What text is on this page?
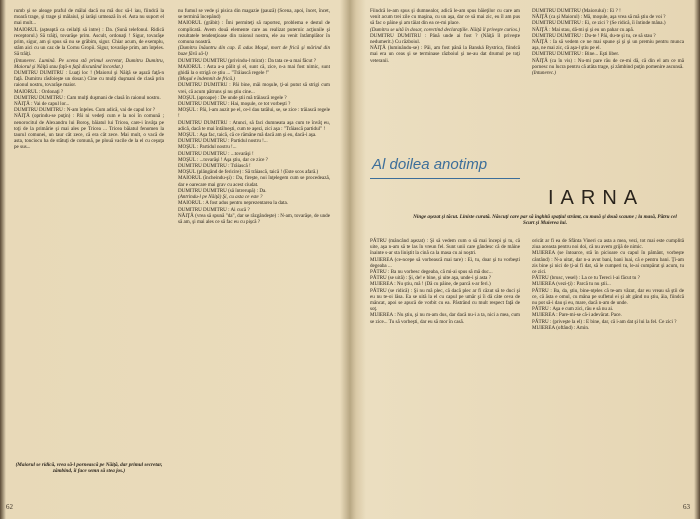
rumb şi se aleage praful de mălai dacă nu mă duc să-l iau, fiindcă la moară trage, şi trage şi mălaiul, şi iarăşi urmează în el. Asta nu suport el mai mult...

MAIORUL (aşteaptă ca ceilalţi să intre) : Da. (Sună telefonul. Ridică receptorul.) Să trăiţi, tovarăşe prim. Ascult, ordonaţi ! Sigur, tovarăşe prim, sigur, am şi spus să nu se grăbim, sigur. Chiar acum, de exemplu, stăm aici cu un caz de la Cornu Gropii. Sigur, tovarăşe prim, am înţeles. Să trăiţi.

(Intunerec. Lumină. Pe scena stă primul secretar, Dumitru Dumitru, Maiorul şi Năiţă stau faţă-n faţă discutând încordat.)

DUMITRU DUMITRU : Luaţi loc ! (Maiorul şi Năiţă se aşază faţă-n faţă. Dumitru răsfoieşte un dosar.) Cine cu mulţi duşmani de clasă prin raionul nostru, tovarăşe maior.

MAIORUL : Ordonaţi ?

DUMITRU DUMITRU : Cam mulţi duşmani de clasă în raionul nostru.

NĂIŢĂ : Vai de capul lor...

DUMITRU DUMITRU : N-am înţeles. Cum adică, vai de capul lor ?

NĂIŢĂ (oprindu-se puţin) : Păi ni vedeţi cum e la noi în comună ; nenorocitul de Alexandru lui Boroş, băiatul lui Tricea, care-i învăţa pe toţi de la primărie şi mai ales pe Tricea ... Tricea băiatul fenomen la taurul comunei, un taur cât zece, că era cât zece. Mai mult, o vacă de asta, tonciocu ha de stătuţi de comună, pe plouă vacile de la el cu ceşuţa pe sus...

nu fumul se vede şi pisica din magazie (pauză) (Scena, apoi, încet, încet, se termină începând)

MAIORUL (grăbit) : Îmi permiteţi să raportez, problema e destul de complicată. Avem două elemente care au realizat puternic acţiunile şi rezultatele tendenţioase din raionul nostru, ele au venit întâmplător în comuna noastră.

(Dumitru înăuntru din cap. E adus Moşul, mort de frică şi mărind din buze fără să-l)

DUMITRU DUMITRU (privindu-l mirat) : Da tata ce-a mai făcut ?

MAIORUL : Asta a-a pălit şi el, sunt că, zice, n-a mai fost nimic, sunt ghidă la o strigă ce ştiu ... "Trăiască regele !"

(Moşul e îndemnit de frică.)

DUMITRU DUMITRU : Păi bine, măi moşule, ţi-ai putut să strigi cum vrei, că acum pătruns şi nu ştiu cine...

MOŞUL (aproape) : De unde ştii mă trăiască regele ?

DUMITRU DUMITRU : Hai, moşule, ce tot vorbeşti ?

MOŞUL : Păi, l-am auzit pe el, ce-l dau tatălui, se, se zice : trăiască regele !

DUMITRU DUMITRU : Atunci, să faci dumneata aşa cum te învăţ eu, adică, dacă te mai întâlneşti, cum te aşezi, zici aşa : "Trăiască partidul" !

MOŞUL : Aşa fac, taică, că ce rămâne mă dacă am şi eu, dacă-i aşa.

DUMITRU DUMITRU : Partidul nostru !...

MOŞUL : Partidul nostru !...

DUMITRU DUMITRU : ...tovarăşi !

MOŞUL : ...tovarăşi ! Aşa ştiu, dar ce zice ?

DUMITRU DUMITRU : Trăiască !

MOŞUL (plângând de fericire) : Să trăiască, taică ! (Este scos afară.)

MAIORUL (încheindu-şi) : Da, fireşte, noi înţelegem cum se procedează, dar e oarecare mai grav cu acest ciudat.

DUMITRU DUMITRU (să întrerupă) : Da.

(Antrindu-l pe Năiţă) Şi, cu asta ce este ?

MAIORUL : A fost adus pentru neprezentarea la data.

DUMITRU DUMITRU : Ai cucă ?

NĂIŢĂ (vrea să spună "da", dar se răzgândeşte) : N-am, tovarăşe, de unde să am, şi mai ales ce să fac eu cu pişcă ?

(Maiorul se ridică, vrea să-l pornească pe Năiţă, dar primul secretar, zâmbind, îi face semn să stea jos.)
62

Fiindcă le-am spus şi dumnealor, adică le-am spus băieţilor cu care am venit acum trei zile cu maşina, cu un aşa, dar ce să mai zic, eu îl am pus să fac o pâine şi am tăiat din ea ce-mi place.

(Dumitru se uită în dosar, corectind declaraţiile. Năiţă îl priveşte curios.)

DUMITRU DUMITRU : Până unde ai fost ? (Năiţă îl priveşte nedumerit.) Cu războiul.

NĂIŢĂ (luminându-se) : Păi, am fost până la Banská Bystrica, fiindcă mai era un ceas şi se terminase războiul şi ne-au dat drumul pe toţi veteranii.

DUMITRU DUMITRU (Maiorului) : Ei ? !

NĂIŢĂ (ca şi Maiorul) : Mă, moşule, aşa vrea să mă ştiu de voi ?

DUMITRU DUMITRU : Ei, ce zici ? (Se ridică, îi întinde mâna.)

NĂIŢĂ : Mai stau, dă-mi şi şi eu un pahar cu apă.

DUMITRU DUMITRU : Du-te ! Păi, du-te şi tu, ce să stau ?

NĂIŢĂ : Ia să vedem ce ne mai spune şi şi şi un premiu pentru munca aşa, ne mai zic, că aşa-l ştiu pe el.

DUMITRU DUMITRU : Bine... Eşti liber.

NĂIŢĂ (ca în vis) : Nu-mi pare rău de ce-mi dă, că din el am ce mă pornesc nu lucra pentru că atâta trage, şi zâmbind puţin pomenire ascunsă.

(Intunerec.)

Al doilea anotimp
IARNA
Ninge aşezat şi tăcut. Liniste curată. Născuţi care par să înghită spaţiul strâmt, cu masă şi două scaune ; la masă, Pătru cel Scurt şi Muierea lui.

PĂTRU (mâncând aşezat) : Şi să vedem cum o să mai începi şi tu, că uite, aşa n-am să te las în vreun fel. Sunt unii care gândesc că de mâine înainte s-ar sta liniştit la cină ca la masa cu ai noştri.

MUIEREA (ce-ncepe să vorbească mai tare) : Ei, tu, doar şi tu vorbeşti degeaba ...

PĂTRU : Ba nu vorbesc degeaba, că mi-ai spus să mă duc...

PĂTRU (se uită) : Şi, de! e bine, şi uite aşa, unde-i şi asta ?

MUIEREA : Nu ştiu, mă ! (Dă cu pâine, de parcă s-ar feri.)

PĂTRU (se ridică) : Şi nu mă plec, că dacă plec ar fi căzut să te duci şi eu nu te-oi lăsa. Ea se uită la el cu capul pe umăr şi îi dă câte ceva de mâncat, apoi se apucă de vorbit cu ea. Păstrând cu mult respect faţă de soţ.

MUIEREA : Nu ştiu, şi nu m-am dus, dar dacă nu-i a ta, nici a mea, cum se zice... Tu să vorbeşti, dar eu să mor în casă.

oricât ar fi ea de Sfânta Vineri ca asta a mea, vezi, tot mai este cumplită ziua aceasta pentru noi doi, că nu avem grijă de nimic.

MUIEREA (se întoarce, stă în picioare cu capul în pământ, vorbeşte cântând) : N-a uitat, dar n-a avut bani, bani luai, că e pentru bani. Ţi-am zis bine şi nici de ţi-ai fi dat, să le cumperi tu, le-ai cumpărat şi acum, tu ce zici.

PĂTRU (brusc, vesel) : La ce tu Tereci l-ai făcut tu ?

MUIEREA (vezi-ţi) : Parcă tu nu ştii...

PĂTRU : Ba, da, ştiu, bine-nţeles că te-am văzut, dar eu vreau să ştii de ce, că ăsta e omul, cu mâna pe sufletul ei şi alt gând nu ştiu, ăia, fiindcă nu pot să-i dau şi eu, mare, dacă n-am de unde.

PĂTRU : Aşa e cum zici, rău e să nu ai.

MUIEREA : Pare-mi-se că-i adevărat. Pace.

PĂTRU : (priveşte la el) : E bine, dar, că i-am dat şi lui la fel. Ce zici ?

MUIEREA (oftând) : Amin.

63
